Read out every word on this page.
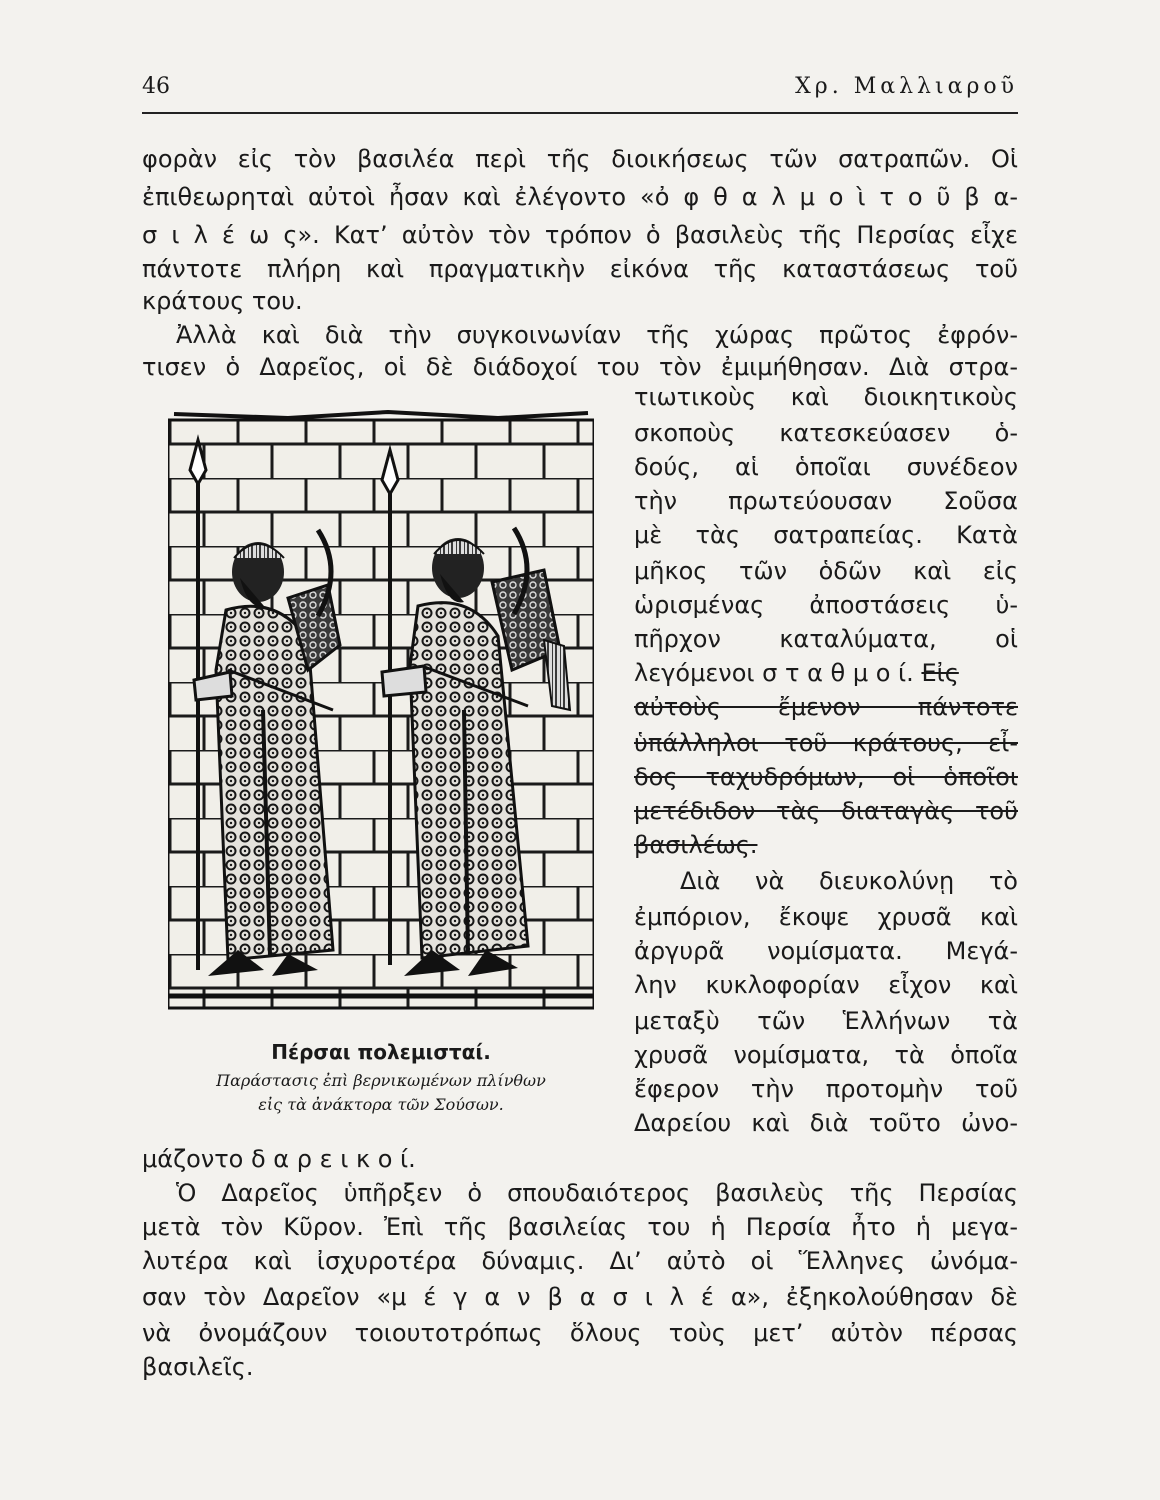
46	Χρ. Μαλλιαροῦ
φορὰν εἰς τὸν βασιλέα περὶ τῆς διοικήσεως τῶν σατραπῶν. Οἱ
ἐπιθεωρηταὶ αὐτοὶ ἦσαν καὶ ἐλέγοντο «ὀ φ θ α λ μ ο ὶ τ ο ῦ β α-
σ ι λ έ ω ς». Κατ’ αὐτὸν τὸν τρόπον ὁ βασιλεὺς τῆς Περσίας εἶχε
πάντοτε πλήρη καὶ πραγματικὴν εἰκόνα τῆς καταστάσεως τοῦ
κράτους του.
Ἀλλὰ καὶ διὰ τὴν συγκοινωνίαν τῆς χώρας πρῶτος ἐφρόν-
τισεν ὁ Δαρεῖος, οἱ δὲ διάδοχοί του τὸν ἐμιμήθησαν. Διὰ στρα-
τιωτικοὺς καὶ διοικητικοὺς
σκοποὺς κατεσκεύασεν ὁ-
δούς, αἱ ὁποῖαι συνέδεον
τὴν πρωτεύουσαν Σοῦσα
μὲ τὰς σατραπείας. Κατὰ
μῆκος τῶν ὁδῶν καὶ εἰς
ὡρισμένας ἀποστάσεις ὑ-
πῆρχον καταλύματα, οἱ
λεγόμενοι σ τ α θ μ ο ί. Εἰς
αὐτοὺς ἔμενον πάντοτε
ὑπάλληλοι τοῦ κράτους, εἶ-
δος ταχυδρόμων, οἱ ὁποῖοι
μετέδιδον τὰς διαταγὰς τοῦ
βασιλέως.
Διὰ νὰ διευκολύνῃ τὸ
ἐμπόριον, ἔκοψε χρυσᾶ καὶ
ἀργυρᾶ νομίσματα. Μεγά-
λην κυκλοφορίαν εἶχον καὶ
μεταξὺ τῶν Ἑλλήνων τὰ
χρυσᾶ νομίσματα, τὰ ὁποῖα
ἔφερον τὴν προτομὴν τοῦ
Δαρείου καὶ διὰ τοῦτο ὠνο-
μάζοντο δ α ρ ε ι κ ο ί.
Ὁ Δαρεῖος ὑπῆρξεν ὁ σπουδαιότερος βασιλεὺς τῆς Περσίας
μετὰ τὸν Κῦρον. Ἐπὶ τῆς βασιλείας του ἡ Περσία ἦτο ἡ μεγα-
λυτέρα καὶ ἰσχυροτέρα δύναμις. Δι’ αὐτὸ οἱ Ἕλληνες ὠνόμα-
σαν τὸν Δαρεῖον «μ έ γ α ν β α σ ι λ έ α», ἐξηκολούθησαν δὲ
νὰ ὀνομάζουν τοιουτοτρόπως ὅλους τοὺς μετ’ αὐτὸν πέρσας
βασιλεῖς.
Πέρσαι πολεμισταί.
Παράστασις ἐπὶ βερνικωμένων πλίνθων
εἰς τὰ ἀνάκτορα τῶν Σούσων.
